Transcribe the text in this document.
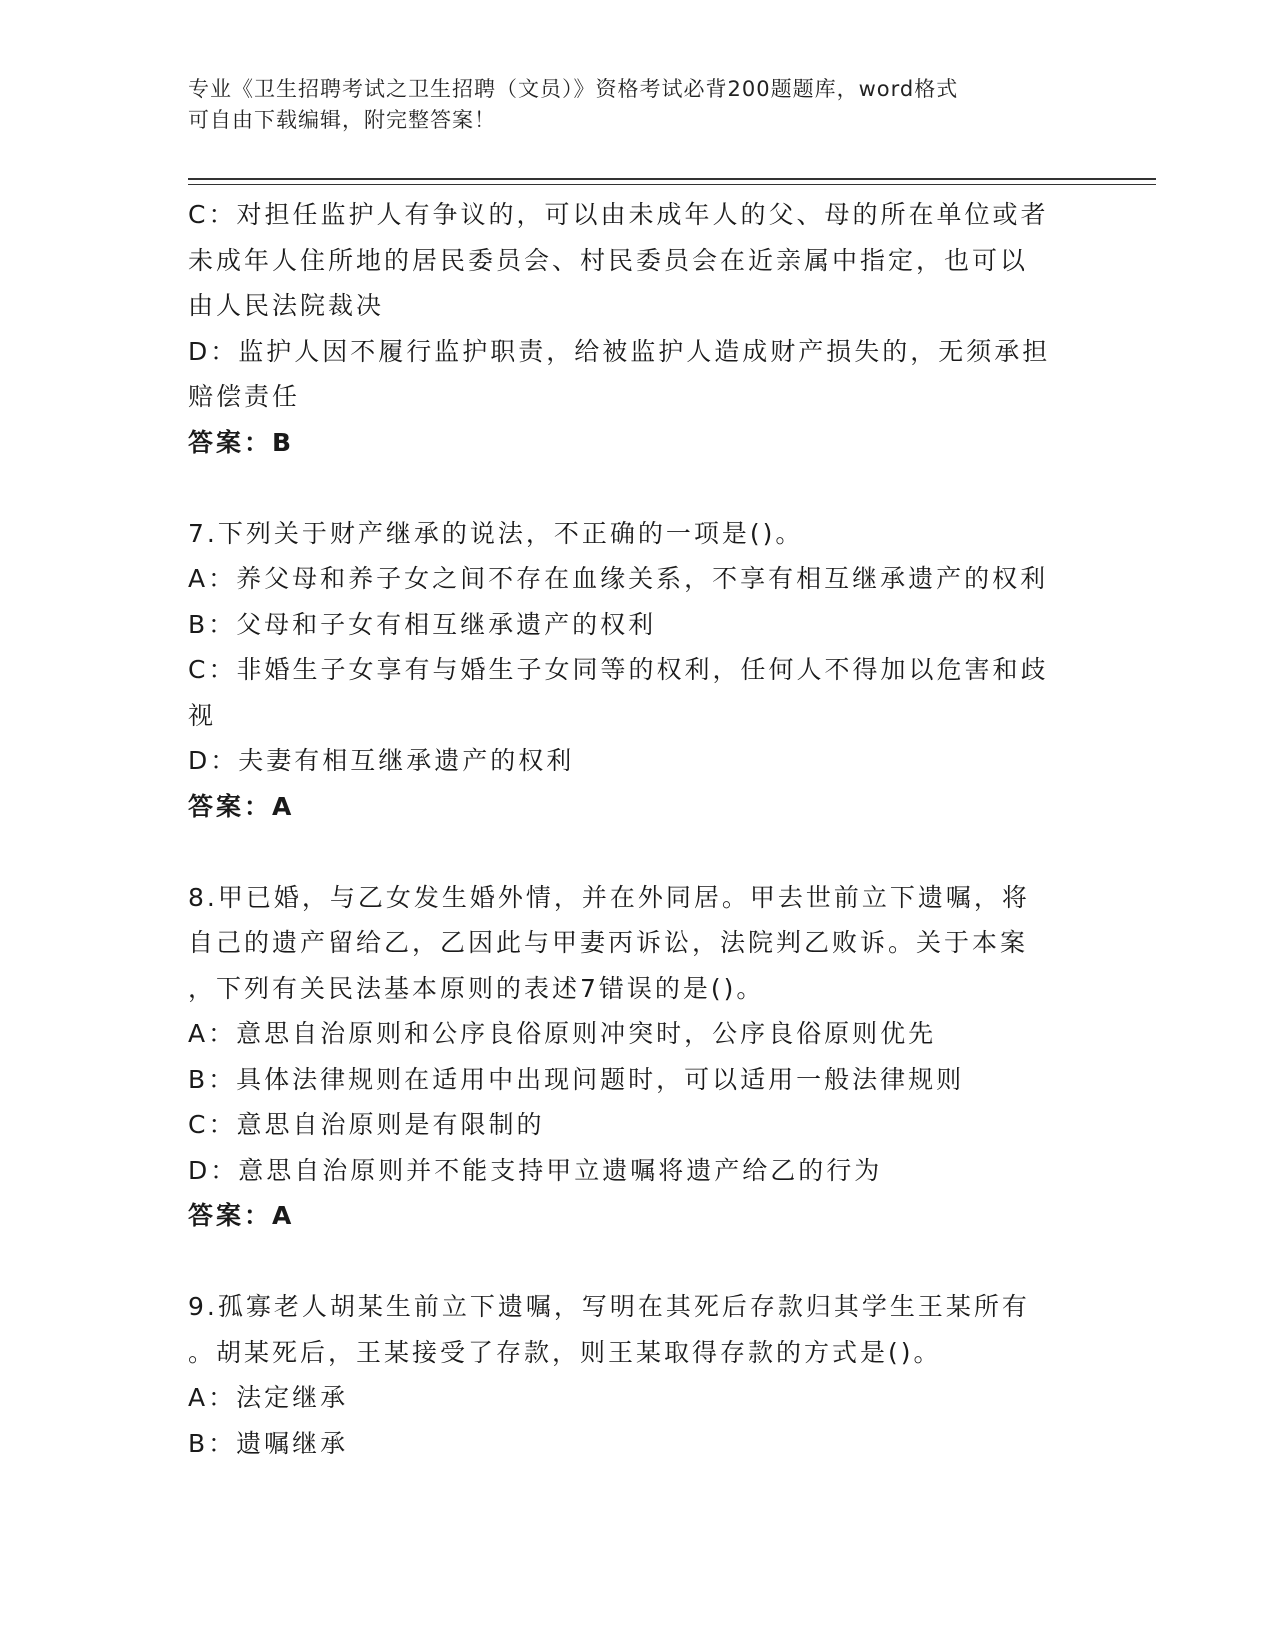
专业《卫生招聘考试之卫生招聘（文员）》资格考试必背200题题库，word格式
可自由下载编辑，附完整答案！
C：对担任监护人有争议的，可以由未成年人的父、母的所在单位或者
未成年人住所地的居民委员会、村民委员会在近亲属中指定，也可以
由人民法院裁决
D：监护人因不履行监护职责，给被监护人造成财产损失的，无须承担
赔偿责任
答案：B
7.下列关于财产继承的说法，不正确的一项是()。
A：养父母和养子女之间不存在血缘关系，不享有相互继承遗产的权利
B：父母和子女有相互继承遗产的权利
C：非婚生子女享有与婚生子女同等的权利，任何人不得加以危害和歧
视
D：夫妻有相互继承遗产的权利
答案：A
8.甲已婚，与乙女发生婚外情，并在外同居。甲去世前立下遗嘱，将
自己的遗产留给乙，乙因此与甲妻丙诉讼，法院判乙败诉。关于本案
，下列有关民法基本原则的表述7错误的是()。
A：意思自治原则和公序良俗原则冲突时，公序良俗原则优先
B：具体法律规则在适用中出现问题时，可以适用一般法律规则
C：意思自治原则是有限制的
D：意思自治原则并不能支持甲立遗嘱将遗产给乙的行为
答案：A
9.孤寡老人胡某生前立下遗嘱，写明在其死后存款归其学生王某所有
。胡某死后，王某接受了存款，则王某取得存款的方式是()。
A：法定继承
B：遗嘱继承
